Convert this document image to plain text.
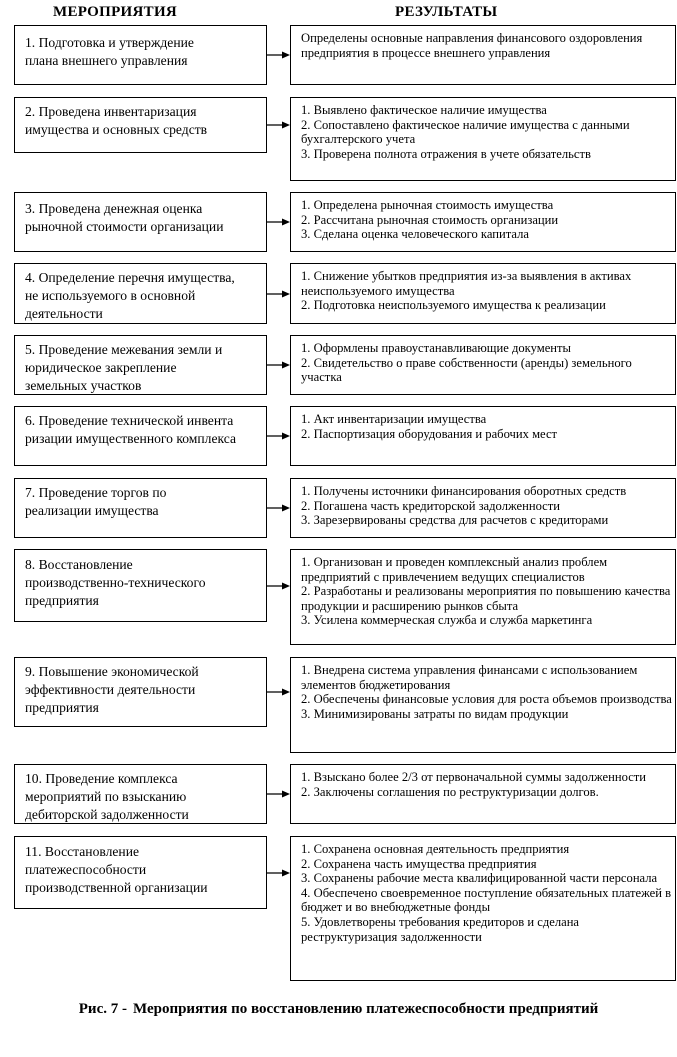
МЕРОПРИЯТИЯ	РЕЗУЛЬТАТЫ
1. Подготовка и утверждение
плана внешнего управления
Определены основные направления финансового оздоровления предприятия в процессе внешнего управления
2. Проведена инвентаризация
имущества и основных средств
1. Выявлено фактическое наличие имущества
2. Сопоставлено фактическое наличие имущества с данными бухгалтерского учета
3. Проверена полнота отражения в учете обязательств
3. Проведена денежная оценка
рыночной стоимости организации
1. Определена рыночная стоимость имущества
2. Рассчитана рыночная стоимость организации
3. Сделана оценка человеческого капитала
4. Определение перечня имущества,
не используемого в основной
деятельности
1. Снижение убытков предприятия из-за выявления в активах неиспользуемого имущества
2. Подготовка неиспользуемого имущества к реализации
5. Проведение межевания земли и
юридическое закрепление
земельных участков
1. Оформлены правоустанавливающие документы
2. Свидетельство о праве собственности (аренды) земельного участка
6. Проведение технической инвента
ризации имущественного комплекса
1. Акт инвентаризации имущества
2. Паспортизация оборудования и рабочих мест
7. Проведение торгов по
реализации имущества
1. Получены источники финансирования оборотных средств
2. Погашена часть кредиторской задолженности
3. Зарезервированы средства для расчетов с кредиторами
8. Восстановление
производственно-технического
предприятия
1. Организован и проведен комплексный анализ проблем предприятий с привлечением ведущих специалистов
2. Разработаны и реализованы мероприятия по повышению качества продукции и расширению рынков сбыта
3. Усилена коммерческая служба и служба маркетинга
9. Повышение экономической
эффективности деятельности
предприятия
1. Внедрена система управления финансами с использованием элементов бюджетирования
2. Обеспечены финансовые условия для роста объемов производства
3. Минимизированы затраты по видам продукции
10. Проведение комплекса
мероприятий по взысканию
дебиторской задолженности
1. Взыскано более 2/3 от первоначальной суммы задолженности
2. Заключены соглашения по реструктуризации долгов.
11. Восстановление
платежеспособности
производственной организации
1. Сохранена основная деятельность предприятия
2. Сохранена часть имущества предприятия
3. Сохранены рабочие места квалифицированной части персонала
4. Обеспечено своевременное поступление обязательных платежей в бюджет и во внебюджетные фонды
5. Удовлетворены требования кредиторов и сделана реструктуризация задолженности
Рис. 7 - Мероприятия по восстановлению платежеспособности предприятий
